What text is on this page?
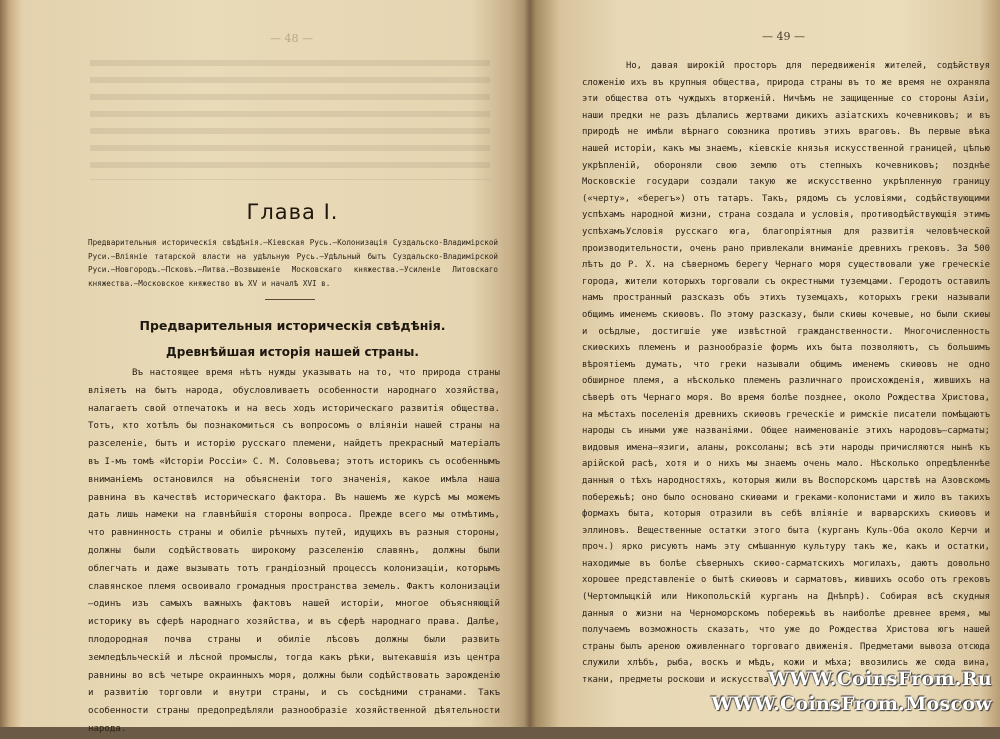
— 48 —
Глава I.
Предварительныя историческія свѣдѣнія.—Кіевская Русь.—Колонизація Суздальско-Владимірской Руси.—Вліяніе татарской власти на удѣльную Русь.—Удѣльный бытъ Суздальско-Владимірской Руси.—Новгородъ.—Псковъ.—Литва.—Возвышеніе Московскаго княжества.—Усиленіе Литовскаго княжества.—Московское княжество въ XV и началѣ XVI в.
Предварительныя историческія свѣдѣнія.
Древнѣйшая исторія нашей страны.
Въ настоящее время нѣтъ нужды указывать на то, что природа страны вліяетъ на бытъ народа, обусловливаетъ особенности народнаго хозяйства, налагаетъ свой отпечатокъ и на весь ходъ историческаго развитія общества. Тотъ, кто хотѣлъ бы познакомиться съ вопросомъ о вліяніи нашей страны на разселеніе, бытъ и исторію русскаго племени, найдетъ прекрасный матеріалъ въ I-мъ томѣ «Исторіи Россіи» С. М. Соловьева; этотъ историкъ съ особеннымъ вниманіемъ остановился на объясненіи того значенія, какое имѣла наша равнина въ качествѣ историческаго фактора. Въ нашемъ же курсѣ мы можемъ дать лишь намеки на главнѣйшія стороны вопроса. Прежде всего мы отмѣтимъ, что равнинность страны и обиліе рѣчныхъ путей, идущихъ въ разныя стороны, должны были содѣйствовать широкому разселенію славянъ, должны были облегчать и даже вызывать тотъ грандіозный процессъ колонизаціи, которымъ славянское племя освоивало громадныя пространства земель. Фактъ колонизаціи—одинъ изъ самыхъ важныхъ фактовъ нашей исторіи, многое объясняющій историку въ сферѣ народнаго хозяйства, и въ сферѣ народнаго права. Далѣе, плодородная почва страны и обиліе лѣсовъ должны были развить земледѣльческій и лѣсной промыслы, тогда какъ рѣки, вытекавшія изъ центра равнины во всѣ четыре окраинныхъ моря, должны были содѣйствовать зарожденію и развитію торговли и внутри страны, и съ сосѣдними странами. Такъ особенности страны предопредѣляли разнообразіе хозяйственной дѣятельности народа.
— 49 —
Но, давая широкій просторъ для передвиженія жителей, содѣйствуя сложенію ихъ въ крупныя общества, природа страны въ то же время не охраняла эти общества отъ чуждыхъ вторженій. Ничѣмъ не защищенные со стороны Азіи, наши предки не разъ дѣлались жертвами дикихъ азіатскихъ кочевниковъ; и въ природѣ не имѣли вѣрнаго союзника противъ этихъ враговъ. Въ первые вѣка нашей исторіи, какъ мы знаемъ, кіевскіе князья искусственной границей, цѣпью укрѣпленій, обороняли свою землю отъ степныхъ кочевниковъ; позднѣе Московскіе государи создали такую же искусственно укрѣпленную границу («черту», «берегъ») отъ татаръ. Такъ, рядомъ съ условіями, содѣйствующими успѣхамъ народной жизни, страна создала и условія, противодѣйствующія этимъ успѣхамъ.
Условія русскаго юга, благопріятныя для развитія человѣческой производительности, очень рано привлекали вниманіе древнихъ грековъ. За 500 лѣтъ до Р. Х. на сѣверномъ берегу Чернаго моря существовали уже греческіе города, жители которыхъ торговали съ окрестными туземцами. Геродотъ оставилъ намъ пространный разсказъ объ этихъ туземцахъ, которыхъ греки называли общимъ именемъ скиѳовъ. По этому разсказу, были скиѳы кочевые, но были скиѳы и осѣдлые, достигшіе уже извѣстной гражданственности. Многочисленность скиѳскихъ племенъ и разнообразіе формъ ихъ быта позволяютъ, съ большимъ вѣроятіемъ думать, что греки называли общимъ именемъ скиѳовъ не одно обширное племя, а нѣсколько племенъ различнаго происхожденія, жившихъ на сѣверѣ отъ Чернаго моря. Во время болѣе позднее, около Рождества Христова, на мѣстахъ поселенія древнихъ скиѳовъ греческіе и римскіе писатели помѣщаютъ народы съ иными уже названіями. Общее наименованіе этихъ народовъ—сарматы; видовыя имена—язиги, аланы, роксоланы; всѣ эти народы причисляются нынѣ къ арійской расѣ, хотя и о нихъ мы знаемъ очень мало. Нѣсколько опредѣленнѣе данныя о тѣхъ народностяхъ, которыя жили въ Воспорскомъ царствѣ на Азовскомъ побережьѣ; оно было основано скиѳами и греками-колонистами и жило въ такихъ формахъ быта, которыя отразили въ себѣ вліяніе и варварскихъ скиѳовъ и эллиновъ. Вещественные остатки этого быта (курганъ Куль-Оба около Керчи и проч.) ярко рисуютъ намъ эту смѣшанную культуру такъ же, какъ и остатки, находимые въ болѣе сѣверныхъ скиѳо-сарматскихъ могилахъ, даютъ довольно хорошее представленіе о бытѣ скиѳовъ и сарматовъ, жившихъ особо отъ грековъ (Чертомлыцкій или Никопольскій курганъ на Днѣпрѣ). Собирая всѣ скудныя данныя о жизни на Черноморскомъ побережьѣ въ наиболѣе древнее время, мы получаемъ возможность сказать, что уже до Рождества Христова югъ нашей страны былъ ареною оживленнаго торговаго движенія. Предметами вывоза отсюда служили хлѣбъ, рыба, воскъ и мѣдъ, кожи и мѣха; ввозились же сюда вина, ткани, предметы роскоши и искусства.
WWW.CoinsFrom.Ru
WWW.CoinsFrom.Moscow
